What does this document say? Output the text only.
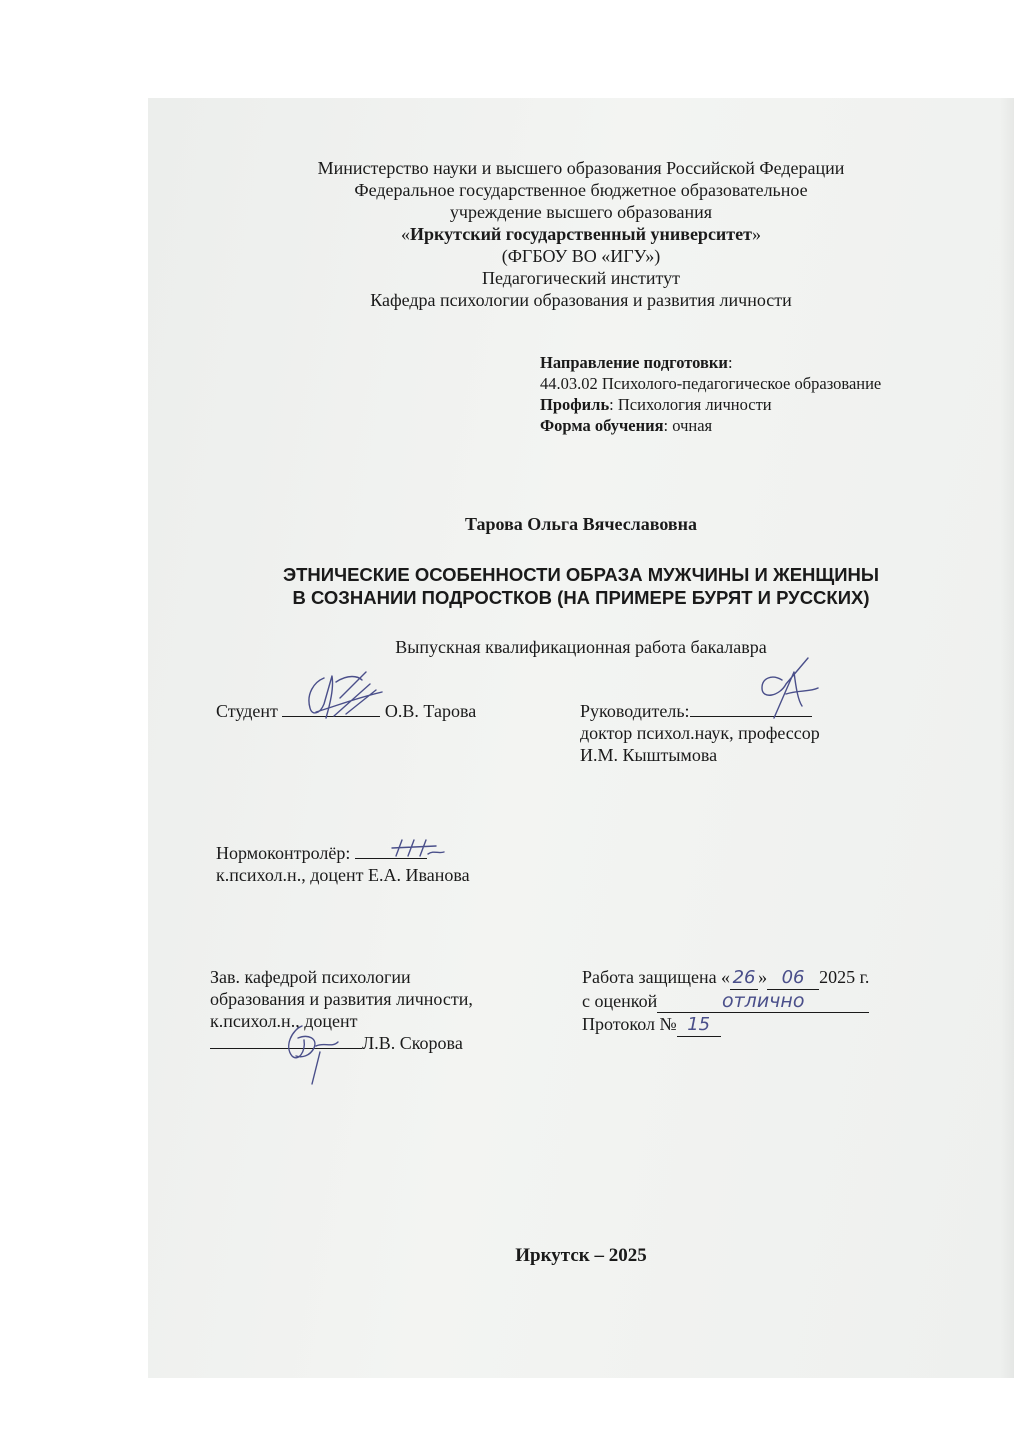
Министерство науки и высшего образования Российской Федерации
Федеральное государственное бюджетное образовательное
учреждение высшего образования
«Иркутский государственный университет»
(ФГБОУ ВО «ИГУ»)
Педагогический институт
Кафедра психологии образования и развития личности
Направление подготовки:
44.03.02 Психолого-педагогическое образование
Профиль: Психология личности
Форма обучения: очная
Тарова Ольга Вячеславовна
ЭТНИЧЕСКИЕ ОСОБЕННОСТИ ОБРАЗА МУЖЧИНЫ И ЖЕНЩИНЫ
В СОЗНАНИИ ПОДРОСТКОВ (НА ПРИМЕРЕ БУРЯТ И РУССКИХ)
Выпускная квалификационная работа бакалавра
Студент	О.В. Тарова	Руководитель:
доктор психол.наук, профессор
И.М. Кыштымова
Нормоконтролёр:
к.психол.н., доцент Е.А. Иванова
Зав. кафедрой психологии
образования и развития личности,
к.психол.н., доцент
Л.В. Скорова
Работа защищена « 26 » 06 2025 г.
с оценкой	отлично
Протокол № 15
Иркутск – 2025
